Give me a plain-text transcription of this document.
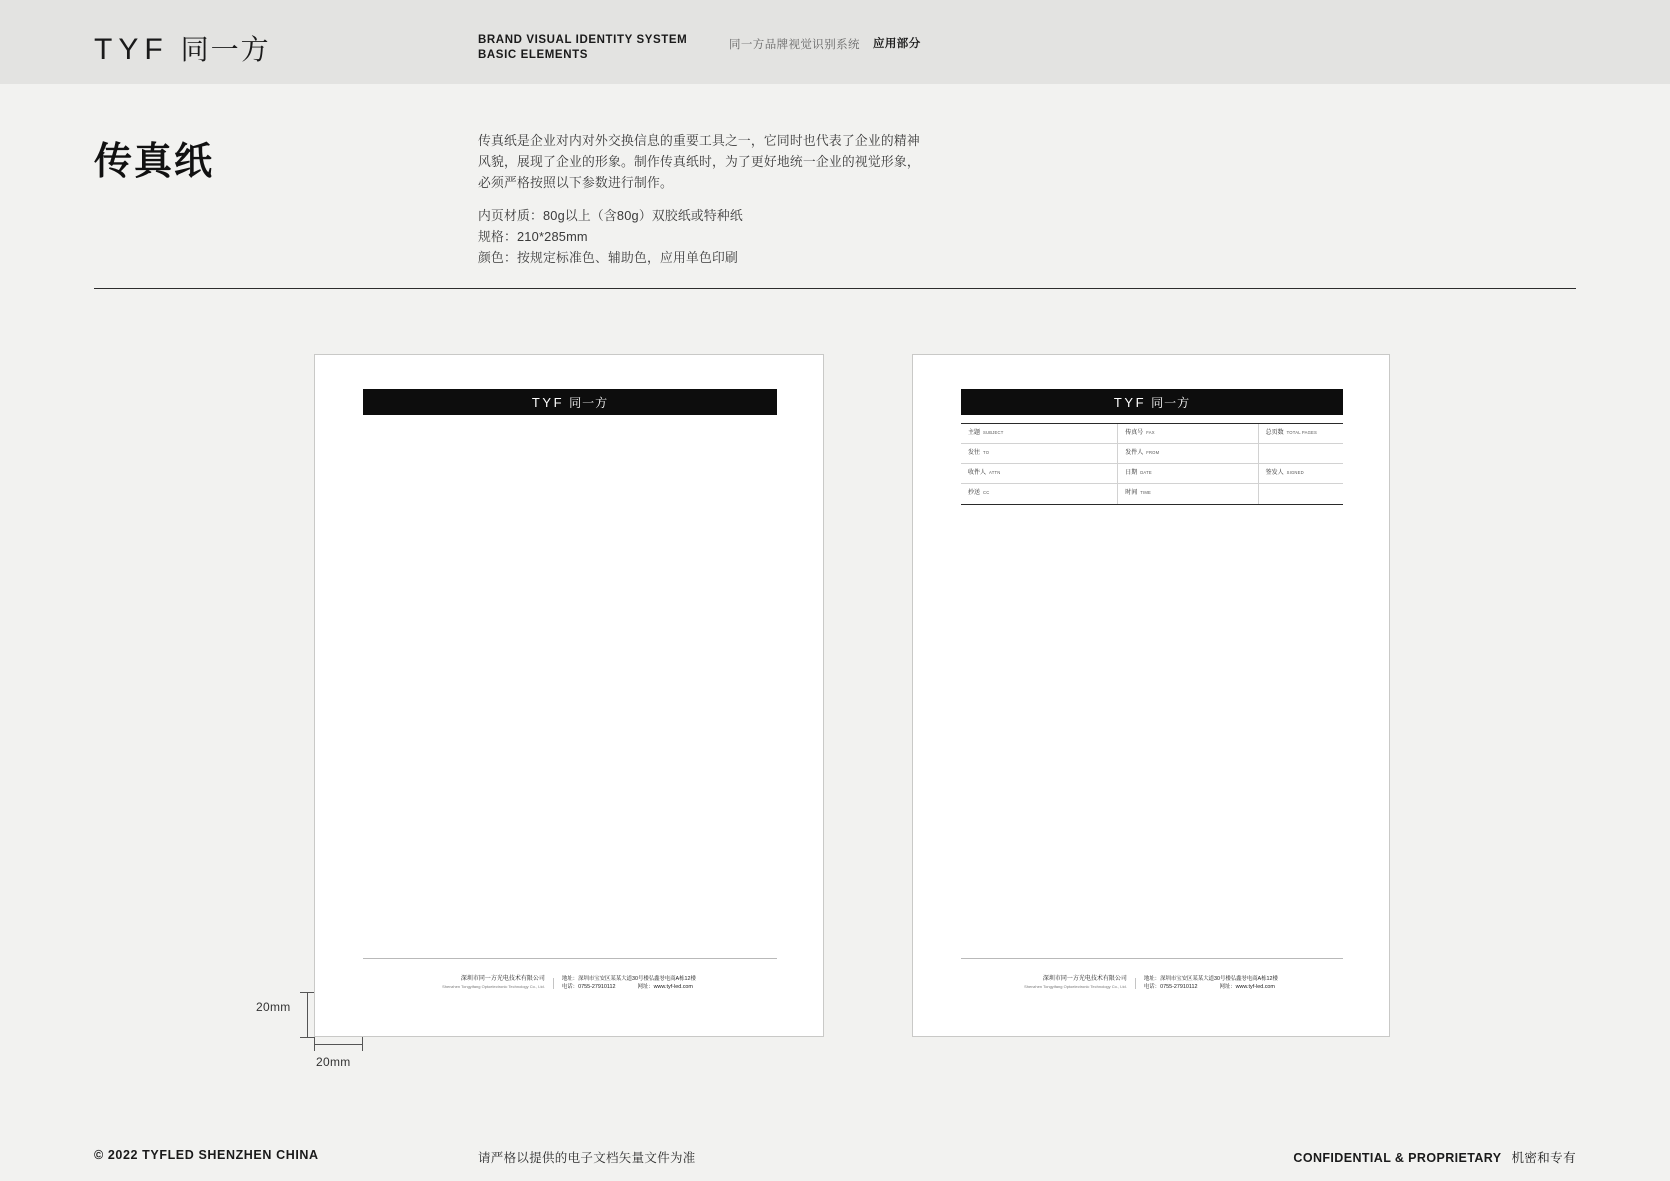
TYF 同一方	BRAND VISUAL IDENTITY SYSTEM
BASIC ELEMENTS
同一方品牌视觉识别系统 应用部分
传真纸
传真纸是企业对内对外交换信息的重要工具之一，它同时也代表了企业的精神风貌，展现了企业的形象。制作传真纸时，为了更好地统一企业的视觉形象，必须严格按照以下参数进行制作。
内页材质：80g以上（含80g）双胶纸或特种纸
规格：210*285mm
颜色：按规定标准色、辅助色，应用单色印刷
TYF 同一方
深圳市同一方光电技术有限公司
Shenzhen Tongyifang Optoelectronic Technology Co., Ltd.
地址：深圳市宝安区某某大道30号楼弘鑫창电商A栋12楼
电话：0755-27910112	网址：www.tyf-led.com
TYF 同一方
主题 SUBJECT	传真号 FAX	总页数 TOTAL PAGES
发往 TO	发件人 FROM
收件人 ATTN	日期 DATE	签发人 SIGNED
抄送 CC	时间 TIME
深圳市同一方光电技术有限公司
Shenzhen Tongyifang Optoelectronic Technology Co., Ltd.
地址：深圳市宝安区某某大道30号楼弘鑫창电商A栋12楼
电话：0755-27910112	网址：www.tyf-led.com
20mm
20mm
© 2022 TYFLED SHENZHEN CHINA	请严格以提供的电子文档矢量文件为准	CONFIDENTIAL & PROPRIETARY 机密和专有
